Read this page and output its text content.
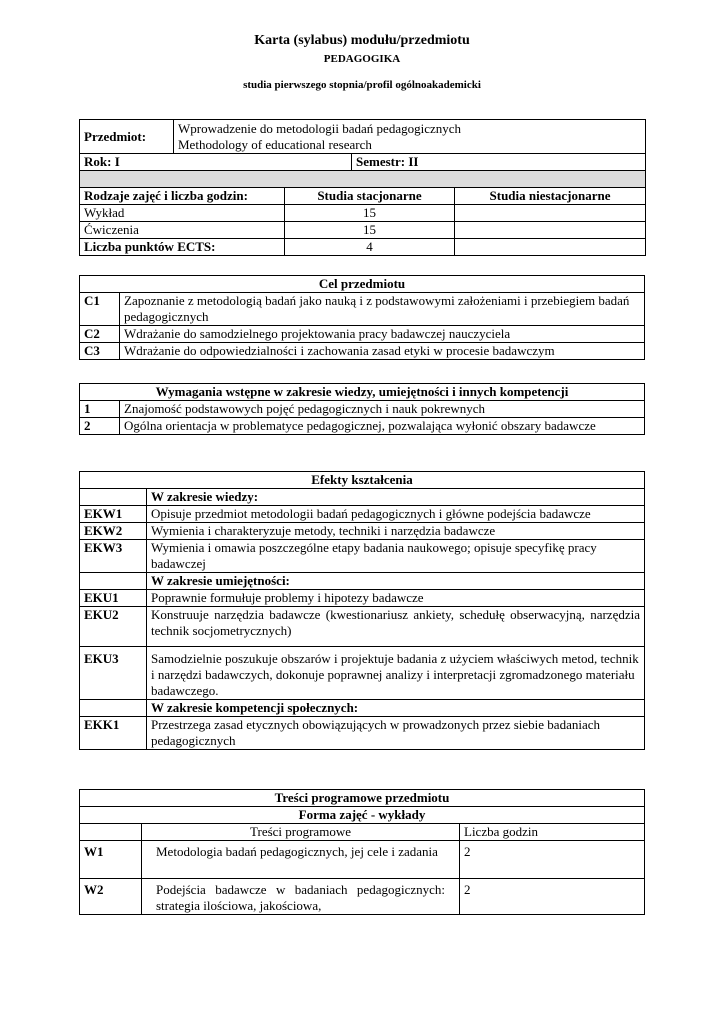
Karta (sylabus) modułu/przedmiotu
PEDAGOGIKA
studia pierwszego stopnia/profil ogólnoakademicki
Przedmiot:	Wprowadzenie do metodologii badań pedagogicznych
Methodology of educational research			

Rok: I			Semestr: II	

Rodzaje zajęć i liczba godzin:		Studia stacjonarne		Studia niestacjonarne
Wykład		15		
Ćwiczenia		15		
Liczba punktów ECTS:		4		
Cel przedmiotu	
C1	Zapoznanie z metodologią badań jako nauką i z podstawowymi założeniami i przebiegiem badań pedagogicznych
C2	Wdrażanie do samodzielnego projektowania pracy badawczej nauczyciela
C3	Wdrażanie do odpowiedzialności i zachowania zasad etyki w procesie badawczym
Wymagania wstępne w zakresie wiedzy, umiejętności i innych kompetencji	
1	Znajomość podstawowych pojęć pedagogicznych i nauk pokrewnych
2	Ogólna orientacja w problematyce pedagogicznej, pozwalająca wyłonić obszary badawcze
Efekty kształcenia	
	W zakresie wiedzy:
EKW1	Opisuje przedmiot metodologii badań pedagogicznych i główne podejścia badawcze
EKW2	Wymienia i charakteryzuje metody, techniki i narzędzia badawcze
EKW3	Wymienia i omawia poszczególne etapy badania naukowego; opisuje specyfikę pracy badawczej
	W zakresie umiejętności:
EKU1	Poprawnie formułuje problemy i hipotezy badawcze
EKU2	Konstruuje narzędzia badawcze (kwestionariusz ankiety, schedułę obserwacyjną, narzędzia technik socjometrycznych)
EKU3	Samodzielnie poszukuje obszarów i projektuje badania z użyciem właściwych metod, technik i narzędzi badawczych, dokonuje poprawnej analizy i interpretacji zgromadzonego materiału badawczego.
	W zakresie kompetencji społecznych:
EKK1	Przestrzega zasad etycznych obowiązujących w prowadzonych przez siebie badaniach pedagogicznych
Treści programowe przedmiotu		
Forma zajęć - wykłady		
	Treści programowe	Liczba godzin
W1	Metodologia badań pedagogicznych, jej cele i zadania	2
W2	Podejścia badawcze w badaniach pedagogicznych: strategia ilościowa, jakościowa,	2
